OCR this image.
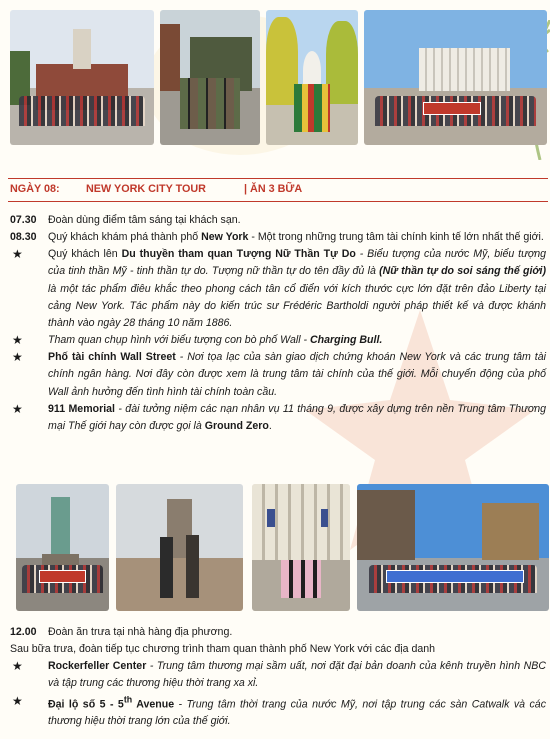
NGÀY 08:	NEW YORK CITY TOUR	| ĂN 3 BỮA
07.30	Đoàn dùng điểm tâm sáng tại khách sạn.
08.30	Quý khách khám phá thành phố New York - Một trong những trung tâm tài chính kinh tế lớn nhất thế giới.
★	Quý khách lên Du thuyền tham quan Tượng Nữ Thần Tự Do - Biểu tượng của nước Mỹ, biểu tượng của tinh thần Mỹ - tinh thần tự do. Tượng nữ thần tự do tên đầy đủ là (Nữ thần tự do soi sáng thế giới) là một tác phẩm điêu khắc theo phong cách tân cổ điển với kích thước cực lớn đặt trên đảo Liberty tại cảng New York. Tác phẩm này do kiến trúc sư Frédéric Bartholdi người pháp thiết kế và được khánh thành vào ngày 28 tháng 10 năm 1886.
★	Tham quan chụp hình với biểu tượng con bò phố Wall - Charging Bull.
★	Phố tài chính Wall Street - Nơi tọa lạc của sàn giao dịch chứng khoán New York và các trung tâm tài chính ngân hàng. Nơi đây còn được xem là trung tâm tài chính của thế giới. Mỗi chuyển động của phố Wall ảnh hưởng đến tình hình tài chính toàn cầu.
★	911 Memorial - đài tưởng niệm các nạn nhân vụ 11 tháng 9, được xây dựng trên nền Trung tâm Thương mại Thế giới hay còn được gọi là Ground Zero.
12.00	Đoàn ăn trưa tại nhà hàng địa phương.
Sau bữa trưa, đoàn tiếp tục chương trình tham quan thành phố New York với các địa danh
★	Rockerfeller Center - Trung tâm thương mại sầm uất, nơi đặt đại bản doanh của kênh truyền hình NBC và tập trung các thương hiệu thời trang xa xỉ.
★	Đại lộ số 5 - 5th Avenue - Trung tâm thời trang của nước Mỹ, nơi tập trung các sàn Catwalk và các thương hiệu thời trang lớn của thế giới.
